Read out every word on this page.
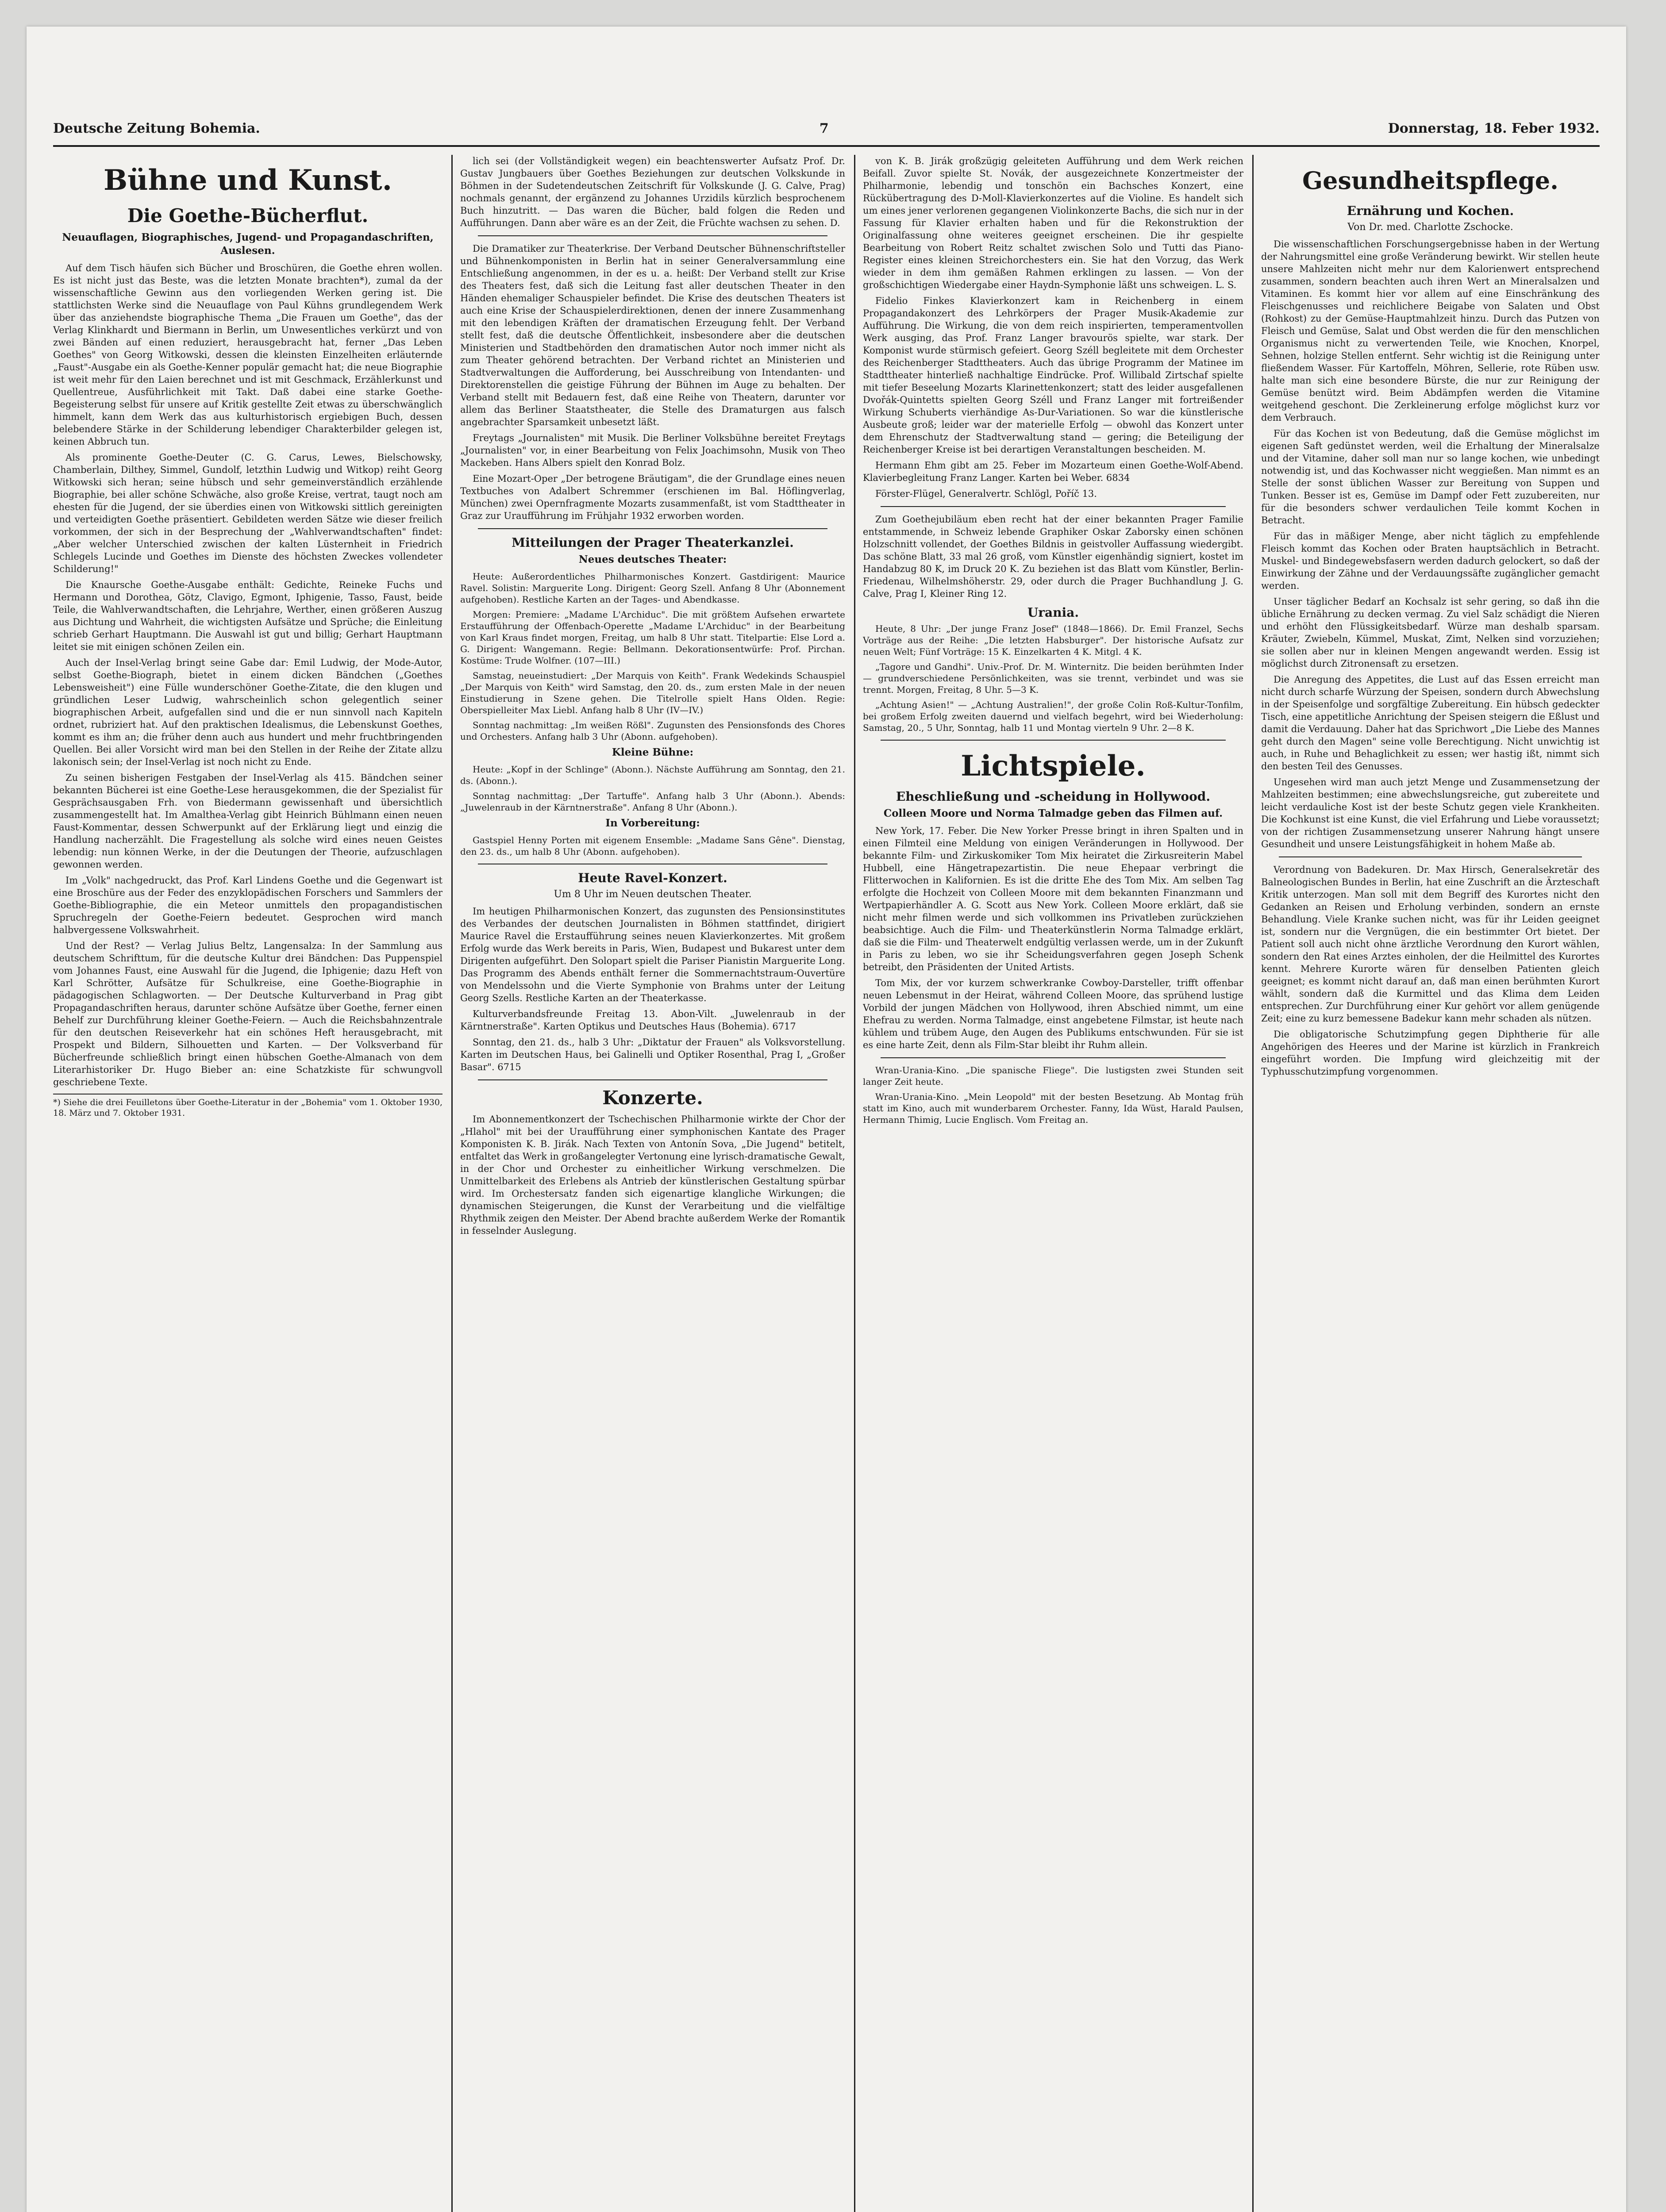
Deutsche Zeitung Bohemia.	7	Donnerstag, 18. Feber 1932.
Bühne und Kunst.
Die Goethe-Bücherflut.
Neuauflagen, Biographisches, Jugend- und Propagandaschriften, Auslesen.

Auf dem Tisch häufen sich Bücher und Broschüren, die Goethe ehren wollen. Es ist nicht just das Beste, was die letzten Monate brachten*), zumal da der wissenschaftliche Gewinn aus den vorliegenden Werken gering ist. Die stattlichsten Werke sind die Neuauflage von Paul Kühns grundlegendem Werk über das anziehendste biographische Thema „Die Frauen um Goethe", das der Verlag Klinkhardt und Biermann in Berlin, um Unwesentliches verkürzt und von zwei Bänden auf einen reduziert, herausgebracht hat, ferner „Das Leben Goethes" von Georg Witkowski, dessen die kleinsten Einzelheiten erläuternde „Faust"-Ausgabe ein als Goethe-Kenner populär gemacht hat; die neue Biographie ist weit mehr für den Laien berechnet und ist mit Geschmack, Erzählerkunst und Quellentreue, Ausführlichkeit mit Takt. Daß dabei eine starke Goethe-Begeisterung selbst für unsere auf Kritik gestellte Zeit etwas zu überschwänglich himmelt, kann dem Werk das aus kulturhistorisch ergiebigen Buch, dessen belebendere Stärke in der Schilderung lebendiger Charakterbilder gelegen ist, keinen Abbruch tun.

Als prominente Goethe-Deuter (C. G. Carus, Lewes, Bielschowsky, Chamberlain, Dilthey, Simmel, Gundolf, letzthin Ludwig und Witkop) reiht Georg Witkowski sich heran; seine hübsch und sehr gemeinverständlich erzählende Biographie, bei aller schöne Schwäche, also große Kreise, vertrat, taugt noch am ehesten für die Jugend, der sie überdies einen von Witkowski sittlich gereinigten und verteidigten Goethe präsentiert. Gebildeten werden Sätze wie dieser freilich vorkommen, der sich in der Besprechung der „Wahlverwandtschaften" findet: „Aber welcher Unterschied zwischen der kalten Lüsternheit in Friedrich Schlegels Lucinde und Goethes im Dienste des höchsten Zweckes vollendeter Schilderung!"

Die Knaursche Goethe-Ausgabe enthält: Gedichte, Reineke Fuchs und Hermann und Dorothea, Götz, Clavigo, Egmont, Iphigenie, Tasso, Faust, beide Teile, die Wahlverwandtschaften, die Lehrjahre, Werther, einen größeren Auszug aus Dichtung und Wahrheit, die wichtigsten Aufsätze und Sprüche; die Einleitung schrieb Gerhart Hauptmann. Die Auswahl ist gut und billig; Gerhart Hauptmann leitet sie mit einigen schönen Zeilen ein.

Auch der Insel-Verlag bringt seine Gabe dar: Emil Ludwig, der Mode-Autor, selbst Goethe-Biograph, bietet in einem dicken Bändchen („Goethes Lebensweisheit") eine Fülle wunderschöner Goethe-Zitate, die den klugen und gründlichen Leser Ludwig, wahrscheinlich schon gelegentlich seiner biographischen Arbeit, aufgefallen sind und die er nun sinnvoll nach Kapiteln ordnet, rubriziert hat. Auf den praktischen Idealismus, die Lebenskunst Goethes, kommt es ihm an; die früher denn auch aus hundert und mehr fruchtbringenden Quellen. Bei aller Vorsicht wird man bei den Stellen in der Reihe der Zitate allzu lakonisch sein; der Insel-Verlag ist noch nicht zu Ende.

Zu seinen bisherigen Festgaben der Insel-Verlag als 415. Bändchen seiner bekannten Bücherei ist eine Goethe-Lese herausgekommen, die der Spezialist für Gesprächsausgaben Frh. von Biedermann gewissenhaft und übersichtlich zusammengestellt hat. Im Amalthea-Verlag gibt Heinrich Bühlmann einen neuen Faust-Kommentar, dessen Schwerpunkt auf der Erklärung liegt und einzig die Handlung nacherzählt. Die Fragestellung als solche wird eines neuen Geistes lebendig: nun können Werke, in der die Deutungen der Theorie, aufzuschlagen gewonnen werden.

Im „Volk" nachgedruckt, das Prof. Karl Lindens Goethe und die Gegenwart ist eine Broschüre aus der Feder des enzyklopädischen Forschers und Sammlers der Goethe-Bibliographie, die ein Meteor unmittels den propagandistischen Spruchregeln der Goethe-Feiern bedeutet. Gesprochen wird manch halbvergessene Volkswahrheit.

Und der Rest? — Verlag Julius Beltz, Langensalza: In der Sammlung aus deutschem Schrifttum, für die deutsche Kultur drei Bändchen: Das Puppenspiel vom Johannes Faust, eine Auswahl für die Jugend, die Iphigenie; dazu Heft von Karl Schrötter, Aufsätze für Schulkreise, eine Goethe-Biographie in pädagogischen Schlagworten. — Der Deutsche Kulturverband in Prag gibt Propagandaschriften heraus, darunter schöne Aufsätze über Goethe, ferner einen Behelf zur Durchführung kleiner Goethe-Feiern. — Auch die Reichsbahnzentrale für den deutschen Reiseverkehr hat ein schönes Heft herausgebracht, mit Prospekt und Bildern, Silhouetten und Karten. — Der Volksverband für Bücherfreunde schließlich bringt einen hübschen Goethe-Almanach von dem Literarhistoriker Dr. Hugo Bieber an: eine Schatzkiste für schwungvoll geschriebene Texte.

*) Siehe die drei Feuilletons über Goethe-Literatur in der „Bohemia" vom 1. Oktober 1930, 18. März und 7. Oktober 1931.

lich sei (der Vollständigkeit wegen) ein beachtenswerter Aufsatz Prof. Dr. Gustav Jungbauers über Goethes Beziehungen zur deutschen Volkskunde in Böhmen in der Sudetendeutschen Zeitschrift für Volkskunde (J. G. Calve, Prag) nochmals genannt, der ergänzend zu Johannes Urzidils kürzlich besprochenem Buch hinzutritt. — Das waren die Bücher, bald folgen die Reden und Aufführungen. Dann aber wäre es an der Zeit, die Früchte wachsen zu sehen. D.

Die Dramatiker zur Theaterkrise. Der Verband Deutscher Bühnenschriftsteller und Bühnenkomponisten in Berlin hat in seiner Generalversammlung eine Entschließung angenommen, in der es u. a. heißt: Der Verband stellt zur Krise des Theaters fest, daß sich die Leitung fast aller deutschen Theater in den Händen ehemaliger Schauspieler befindet. Die Krise des deutschen Theaters ist auch eine Krise der Schauspielerdirektionen, denen der innere Zusammenhang mit den lebendigen Kräften der dramatischen Erzeugung fehlt. Der Verband stellt fest, daß die deutsche Öffentlichkeit, insbesondere aber die deutschen Ministerien und Stadtbehörden den dramatischen Autor noch immer nicht als zum Theater gehörend betrachten. Der Verband richtet an Ministerien und Stadtverwaltungen die Aufforderung, bei Ausschreibung von Intendanten- und Direktorenstellen die geistige Führung der Bühnen im Auge zu behalten. Der Verband stellt mit Bedauern fest, daß eine Reihe von Theatern, darunter vor allem das Berliner Staatstheater, die Stelle des Dramaturgen aus falsch angebrachter Sparsamkeit unbesetzt läßt.

Freytags „Journalisten" mit Musik. Die Berliner Volksbühne bereitet Freytags „Journalisten" vor, in einer Bearbeitung von Felix Joachimsohn, Musik von Theo Mackeben. Hans Albers spielt den Konrad Bolz.

Eine Mozart-Oper „Der betrogene Bräutigam", die der Grundlage eines neuen Textbuches von Adalbert Schremmer (erschienen im Bal. Höflingverlag, München) zwei Opernfragmente Mozarts zusammenfaßt, ist vom Stadttheater in Graz zur Uraufführung im Frühjahr 1932 erworben worden.

Mitteilungen der Prager Theaterkanzlei.
Neues deutsches Theater:

Heute: Außerordentliches Philharmonisches Konzert. Gastdirigent: Maurice Ravel. Solistin: Marguerite Long. Dirigent: Georg Szell. Anfang 8 Uhr (Abonnement aufgehoben). Restliche Karten an der Tages- und Abendkasse.

Morgen: Premiere: „Madame L'Archiduc". Die mit größtem Aufsehen erwartete Erstaufführung der Offenbach-Operette „Madame L'Archiduc" in der Bearbeitung von Karl Kraus findet morgen, Freitag, um halb 8 Uhr statt. Titelpartie: Else Lord a. G. Dirigent: Wangemann. Regie: Bellmann. Dekorationsentwürfe: Prof. Pirchan. Kostüme: Trude Wolfner. (107—III.)

Samstag, neueinstudiert: „Der Marquis von Keith". Frank Wedekinds Schauspiel „Der Marquis von Keith" wird Samstag, den 20. ds., zum ersten Male in der neuen Einstudierung in Szene gehen. Die Titelrolle spielt Hans Olden. Regie: Oberspielleiter Max Liebl. Anfang halb 8 Uhr (IV—IV.)

Sonntag nachmittag: „Im weißen Rößl". Zugunsten des Pensionsfonds des Chores und Orchesters. Anfang halb 3 Uhr (Abonn. aufgehoben).

Kleine Bühne:

Heute: „Kopf in der Schlinge" (Abonn.). Nächste Aufführung am Sonntag, den 21. ds. (Abonn.).

Sonntag nachmittag: „Der Tartuffe". Anfang halb 3 Uhr (Abonn.). Abends: „Juwelenraub in der Kärntnerstraße". Anfang 8 Uhr (Abonn.).

In Vorbereitung:

Gastspiel Henny Porten mit eigenem Ensemble: „Madame Sans Gêne". Dienstag, den 23. ds., um halb 8 Uhr (Abonn. aufgehoben).

Heute Ravel-Konzert.
Um 8 Uhr im Neuen deutschen Theater.

Im heutigen Philharmonischen Konzert, das zugunsten des Pensionsinstitutes des Verbandes der deutschen Journalisten in Böhmen stattfindet, dirigiert Maurice Ravel die Erstaufführung seines neuen Klavierkonzertes. Mit großem Erfolg wurde das Werk bereits in Paris, Wien, Budapest und Bukarest unter dem Dirigenten aufgeführt. Den Solopart spielt die Pariser Pianistin Marguerite Long. Das Programm des Abends enthält ferner die Sommernachtstraum-Ouvertüre von Mendelssohn und die Vierte Symphonie von Brahms unter der Leitung Georg Szells. Restliche Karten an der Theaterkasse.

Kulturverbandsfreunde Freitag 13. Abon-Vilt. „Juwelenraub in der Kärntnerstraße". Karten Optikus und Deutsches Haus (Bohemia). 6717

Sonntag, den 21. ds., halb 3 Uhr: „Diktatur der Frauen" als Volksvorstellung. Karten im Deutschen Haus, bei Galinelli und Optiker Rosenthal, Prag I, „Großer Basar". 6715

Konzerte.

Im Abonnementkonzert der Tschechischen Philharmonie wirkte der Chor der „Hlahol" mit bei der Uraufführung einer symphonischen Kantate des Prager Komponisten K. B. Jirák. Nach Texten von Antonín Sova, „Die Jugend" betitelt, entfaltet das Werk in großangelegter Vertonung eine lyrisch-dramatische Gewalt, in der Chor und Orchester zu einheitlicher Wirkung verschmelzen. Die Unmittelbarkeit des Erlebens als Antrieb der künstlerischen Gestaltung spürbar wird. Im Orchestersatz fanden sich eigenartige klangliche Wirkungen; die dynamischen Steigerungen, die Kunst der Verarbeitung und die vielfältige Rhythmik zeigen den Meister. Der Abend brachte außerdem Werke der Romantik in fesselnder Auslegung.

von K. B. Jirák großzügig geleiteten Aufführung und dem Werk reichen Beifall. Zuvor spielte St. Novák, der ausgezeichnete Konzertmeister der Philharmonie, lebendig und tonschön ein Bachsches Konzert, eine Rückübertragung des D-Moll-Klavierkonzertes auf die Violine. Es handelt sich um eines jener verlorenen gegangenen Violinkonzerte Bachs, die sich nur in der Fassung für Klavier erhalten haben und für die Rekonstruktion der Originalfassung ohne weiteres geeignet erscheinen. Die ihr gespielte Bearbeitung von Robert Reitz schaltet zwischen Solo und Tutti das Piano-Register eines kleinen Streichorchesters ein. Sie hat den Vorzug, das Werk wieder in dem ihm gemäßen Rahmen erklingen zu lassen. — Von der großschichtigen Wiedergabe einer Haydn-Symphonie läßt uns schweigen. L. S.

Fidelio Finkes Klavierkonzert kam in Reichenberg in einem Propagandakonzert des Lehrkörpers der Prager Musik-Akademie zur Aufführung. Die Wirkung, die von dem reich inspirierten, temperamentvollen Werk ausging, das Prof. Franz Langer bravourös spielte, war stark. Der Komponist wurde stürmisch gefeiert. Georg Széll begleitete mit dem Orchester des Reichenberger Stadttheaters. Auch das übrige Programm der Matinee im Stadttheater hinterließ nachhaltige Eindrücke. Prof. Willibald Zirtschaf spielte mit tiefer Beseelung Mozarts Klarinettenkonzert; statt des leider ausgefallenen Dvořák-Quintetts spielten Georg Széll und Franz Langer mit fortreißender Wirkung Schuberts vierhändige As-Dur-Variationen. So war die künstlerische Ausbeute groß; leider war der materielle Erfolg — obwohl das Konzert unter dem Ehrenschutz der Stadtverwaltung stand — gering; die Beteiligung der Reichenberger Kreise ist bei derartigen Veranstaltungen bescheiden. M.

Hermann Ehm gibt am 25. Feber im Mozarteum einen Goethe-Wolf-Abend. Klavierbegleitung Franz Langer. Karten bei Weber. 6834

Förster-Flügel, Generalvertr. Schlögl, Poříč 13.

Zum Goethejubiläum eben recht hat der einer bekannten Prager Familie entstammende, in Schweiz lebende Graphiker Oskar Zaborsky einen schönen Holzschnitt vollendet, der Goethes Bildnis in geistvoller Auffassung wiedergibt. Das schöne Blatt, 33 mal 26 groß, vom Künstler eigenhändig signiert, kostet im Handabzug 80 K, im Druck 20 K. Zu beziehen ist das Blatt vom Künstler, Berlin-Friedenau, Wilhelmshöherstr. 29, oder durch die Prager Buchhandlung J. G. Calve, Prag I, Kleiner Ring 12.

Urania.

Heute, 8 Uhr: „Der junge Franz Josef" (1848—1866). Dr. Emil Franzel, Sechs Vorträge aus der Reihe: „Die letzten Habsburger". Der historische Aufsatz zur neuen Welt; Fünf Vorträge: 15 K. Einzelkarten 4 K. Mitgl. 4 K.

„Tagore und Gandhi". Univ.-Prof. Dr. M. Winternitz. Die beiden berühmten Inder — grundverschiedene Persönlichkeiten, was sie trennt, verbindet und was sie trennt. Morgen, Freitag, 8 Uhr. 5—3 K.

„Achtung Asien!" — „Achtung Australien!", der große Colin Roß-Kultur-Tonfilm, bei großem Erfolg zweiten dauernd und vielfach begehrt, wird bei Wiederholung: Samstag, 20., 5 Uhr, Sonntag, halb 11 und Montag vierteln 9 Uhr. 2—8 K.

Lichtspiele.
Eheschließung und -scheidung in Hollywood.
Colleen Moore und Norma Talmadge geben das Filmen auf.

New York, 17. Feber. Die New Yorker Presse bringt in ihren Spalten und in einen Filmteil eine Meldung von einigen Veränderungen in Hollywood. Der bekannte Film- und Zirkuskomiker Tom Mix heiratet die Zirkusreiterin Mabel Hubbell, eine Hängetrapezartistin. Die neue Ehepaar verbringt die Flitterwochen in Kalifornien. Es ist die dritte Ehe des Tom Mix. Am selben Tag erfolgte die Hochzeit von Colleen Moore mit dem bekannten Finanzmann und Wertpapierhändler A. G. Scott aus New York. Colleen Moore erklärt, daß sie nicht mehr filmen werde und sich vollkommen ins Privatleben zurückziehen beabsichtige. Auch die Film- und Theaterkünstlerin Norma Talmadge erklärt, daß sie die Film- und Theaterwelt endgültig verlassen werde, um in der Zukunft in Paris zu leben, wo sie ihr Scheidungsverfahren gegen Joseph Schenk betreibt, den Präsidenten der United Artists.

Tom Mix, der vor kurzem schwerkranke Cowboy-Darsteller, trifft offenbar neuen Lebensmut in der Heirat, während Colleen Moore, das sprühend lustige Vorbild der jungen Mädchen von Hollywood, ihren Abschied nimmt, um eine Ehefrau zu werden. Norma Talmadge, einst angebetene Filmstar, ist heute nach kühlem und trübem Auge, den Augen des Publikums entschwunden. Für sie ist es eine harte Zeit, denn als Film-Star bleibt ihr Ruhm allein.

Wran-Urania-Kino. „Die spanische Fliege". Die lustigsten zwei Stunden seit langer Zeit heute.

Wran-Urania-Kino. „Mein Leopold" mit der besten Besetzung. Ab Montag früh statt im Kino, auch mit wunderbarem Orchester. Fanny, Ida Wüst, Harald Paulsen, Hermann Thimig, Lucie Englisch. Vom Freitag an.

Gesundheitspflege.
Ernährung und Kochen.
Von Dr. med. Charlotte Zschocke.

Die wissenschaftlichen Forschungsergebnisse haben in der Wertung der Nahrungsmittel eine große Veränderung bewirkt. Wir stellen heute unsere Mahlzeiten nicht mehr nur dem Kalorienwert entsprechend zusammen, sondern beachten auch ihren Wert an Mineralsalzen und Vitaminen. Es kommt hier vor allem auf eine Einschränkung des Fleischgenusses und reichlichere Beigabe von Salaten und Obst (Rohkost) zu der Gemüse-Hauptmahlzeit hinzu. Durch das Putzen von Fleisch und Gemüse, Salat und Obst werden die für den menschlichen Organismus nicht zu verwertenden Teile, wie Knochen, Knorpel, Sehnen, holzige Stellen entfernt. Sehr wichtig ist die Reinigung unter fließendem Wasser. Für Kartoffeln, Möhren, Sellerie, rote Rüben usw. halte man sich eine besondere Bürste, die nur zur Reinigung der Gemüse benützt wird. Beim Abdämpfen werden die Vitamine weitgehend geschont. Die Zerkleinerung erfolge möglichst kurz vor dem Verbrauch.

Für das Kochen ist von Bedeutung, daß die Gemüse möglichst im eigenen Saft gedünstet werden, weil die Erhaltung der Mineralsalze und der Vitamine, daher soll man nur so lange kochen, wie unbedingt notwendig ist, und das Kochwasser nicht weggießen. Man nimmt es an Stelle der sonst üblichen Wasser zur Bereitung von Suppen und Tunken. Besser ist es, Gemüse im Dampf oder Fett zuzubereiten, nur für die besonders schwer verdaulichen Teile kommt Kochen in Betracht.

Für das in mäßiger Menge, aber nicht täglich zu empfehlende Fleisch kommt das Kochen oder Braten hauptsächlich in Betracht. Muskel- und Bindegewebsfasern werden dadurch gelockert, so daß der Einwirkung der Zähne und der Verdauungssäfte zugänglicher gemacht werden.

Unser täglicher Bedarf an Kochsalz ist sehr gering, so daß ihn die übliche Ernährung zu decken vermag. Zu viel Salz schädigt die Nieren und erhöht den Flüssigkeitsbedarf. Würze man deshalb sparsam. Kräuter, Zwiebeln, Kümmel, Muskat, Zimt, Nelken sind vorzuziehen; sie sollen aber nur in kleinen Mengen angewandt werden. Essig ist möglichst durch Zitronensaft zu ersetzen.

Die Anregung des Appetites, die Lust auf das Essen erreicht man nicht durch scharfe Würzung der Speisen, sondern durch Abwechslung in der Speisenfolge und sorgfältige Zubereitung. Ein hübsch gedeckter Tisch, eine appetitliche Anrichtung der Speisen steigern die Eßlust und damit die Verdauung. Daher hat das Sprichwort „Die Liebe des Mannes geht durch den Magen" seine volle Berechtigung. Nicht unwichtig ist auch, in Ruhe und Behaglichkeit zu essen; wer hastig ißt, nimmt sich den besten Teil des Genusses.

Ungesehen wird man auch jetzt Menge und Zusammensetzung der Mahlzeiten bestimmen; eine abwechslungsreiche, gut zubereitete und leicht verdauliche Kost ist der beste Schutz gegen viele Krankheiten. Die Kochkunst ist eine Kunst, die viel Erfahrung und Liebe voraussetzt; von der richtigen Zusammensetzung unserer Nahrung hängt unsere Gesundheit und unsere Leistungsfähigkeit in hohem Maße ab.

Verordnung von Badekuren. Dr. Max Hirsch, Generalsekretär des Balneologischen Bundes in Berlin, hat eine Zuschrift an die Ärzteschaft Kritik unterzogen. Man soll mit dem Begriff des Kurortes nicht den Gedanken an Reisen und Erholung verbinden, sondern an ernste Behandlung. Viele Kranke suchen nicht, was für ihr Leiden geeignet ist, sondern nur die Vergnügen, die ein bestimmter Ort bietet. Der Patient soll auch nicht ohne ärztliche Verordnung den Kurort wählen, sondern den Rat eines Arztes einholen, der die Heilmittel des Kurortes kennt. Mehrere Kurorte wären für denselben Patienten gleich geeignet; es kommt nicht darauf an, daß man einen berühmten Kurort wählt, sondern daß die Kurmittel und das Klima dem Leiden entsprechen. Zur Durchführung einer Kur gehört vor allem genügende Zeit; eine zu kurz bemessene Badekur kann mehr schaden als nützen.

Die obligatorische Schutzimpfung gegen Diphtherie für alle Angehörigen des Heeres und der Marine ist kürzlich in Frankreich eingeführt worden. Die Impfung wird gleichzeitig mit der Typhusschutzimpfung vorgenommen.
